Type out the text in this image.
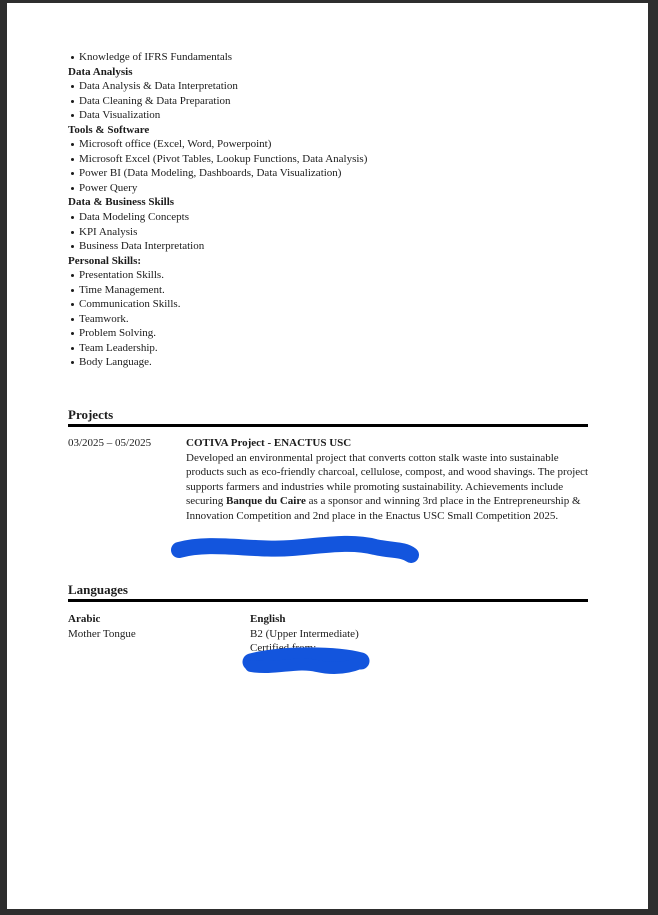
Knowledge of IFRS Fundamentals
Data Analysis
Data Analysis & Data Interpretation
Data Cleaning & Data Preparation
Data Visualization
Tools & Software
Microsoft office (Excel, Word, Powerpoint)
Microsoft Excel (Pivot Tables, Lookup Functions, Data Analysis)
Power BI (Data Modeling, Dashboards, Data Visualization)
Power Query
Data & Business Skills
Data Modeling Concepts
KPI Analysis
Business Data Interpretation
Personal Skills:
Presentation Skills.
Time Management.
Communication Skills.
Teamwork.
Problem Solving.
Team Leadership.
Body Language.
Projects
03/2025 – 05/2025	COTIVA Project - ENACTUS USC
Developed an environmental project that converts cotton stalk waste into sustainable products such as eco-friendly charcoal, cellulose, compost, and wood shavings. The project supports farmers and industries while promoting sustainability. Achievements include securing Banque du Caire as a sponsor and winning 3rd place in the Entrepreneurship & Innovation Competition and 2nd place in the Enactus USC Small Competition 2025.
Languages
Arabic
Mother Tongue
English
B2 (Upper Intermediate)
Certified from:
